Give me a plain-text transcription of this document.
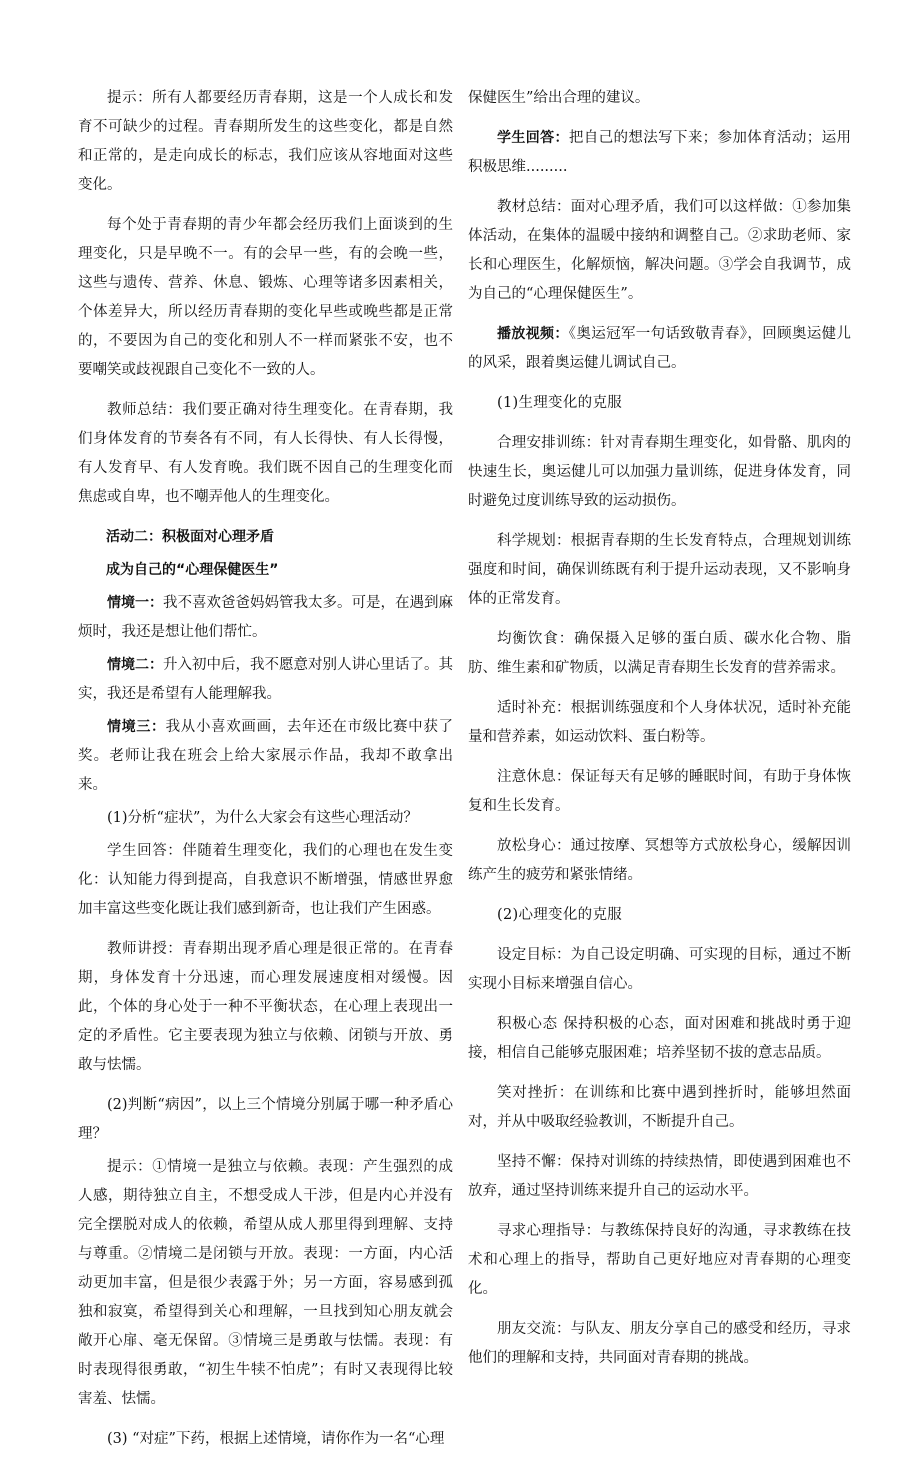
提示：所有人都要经历青春期，这是一个人成长和发育不可缺少的过程。青春期所发生的这些变化，都是自然和正常的，是走向成长的标志，我们应该从容地面对这些变化。

每个处于青春期的青少年都会经历我们上面谈到的生理变化，只是早晚不一。有的会早一些，有的会晚一些，这些与遗传、营养、休息、锻炼、心理等诸多因素相关，个体差异大，所以经历青春期的变化早些或晚些都是正常的，不要因为自己的变化和别人不一样而紧张不安，也不要嘲笑或歧视跟自己变化不一致的人。

教师总结：我们要正确对待生理变化。在青春期，我们身体发育的节奏各有不同，有人长得快、有人长得慢，有人发育早、有人发育晚。我们既不因自己的生理变化而焦虑或自卑，也不嘲弄他人的生理变化。

活动二：积极面对心理矛盾

成为自己的“心理保健医生”

情境一：我不喜欢爸爸妈妈管我太多。可是，在遇到麻烦时，我还是想让他们帮忙。

情境二：升入初中后，我不愿意对别人讲心里话了。其实，我还是希望有人能理解我。

情境三：我从小喜欢画画，去年还在市级比赛中获了奖。老师让我在班会上给大家展示作品，我却不敢拿出来。

(1)分析“症状”，为什么大家会有这些心理活动？

学生回答：伴随着生理变化，我们的心理也在发生变化：认知能力得到提高，自我意识不断增强，情感世界愈加丰富这些变化既让我们感到新奇，也让我们产生困惑。

教师讲授：青春期出现矛盾心理是很正常的。在青春期，身体发育十分迅速，而心理发展速度相对缓慢。因此，个体的身心处于一种不平衡状态，在心理上表现出一定的矛盾性。它主要表现为独立与依赖、闭锁与开放、勇敢与怯懦。

(2)判断“病因”，以上三个情境分别属于哪一种矛盾心理？

提示：①情境一是独立与依赖。表现：产生强烈的成人感，期待独立自主，不想受成人干涉，但是内心并没有完全摆脱对成人的依赖，希望从成人那里得到理解、支持与尊重。②情境二是闭锁与开放。表现：一方面，内心活动更加丰富，但是很少表露于外；另一方面，容易感到孤独和寂寞，希望得到关心和理解，一旦找到知心朋友就会敞开心扉、毫无保留。③情境三是勇敢与怯懦。表现：有时表现得很勇敢，“初生牛犊不怕虎”；有时又表现得比较害羞、怯懦。

(3) “对症”下药，根据上述情境，请你作为一名“心理

保健医生”给出合理的建议。

学生回答：把自己的想法写下来；参加体育活动；运用积极思维.........

教材总结：面对心理矛盾，我们可以这样做：①参加集体活动，在集体的温暖中接纳和调整自己。②求助老师、家长和心理医生，化解烦恼，解决问题。③学会自我调节，成为自己的“心理保健医生”。

播放视频：《奥运冠军一句话致敬青春》，回顾奥运健儿的风采，跟着奥运健儿调试自己。

(1)生理变化的克服

合理安排训练：针对青春期生理变化，如骨骼、肌肉的快速生长，奥运健儿可以加强力量训练，促进身体发育，同时避免过度训练导致的运动损伤。

科学规划：根据青春期的生长发育特点，合理规划训练强度和时间，确保训练既有利于提升运动表现，又不影响身体的正常发育。

均衡饮食：确保摄入足够的蛋白质、碳水化合物、脂肪、维生素和矿物质，以满足青春期生长发育的营养需求。

适时补充：根据训练强度和个人身体状况，适时补充能量和营养素，如运动饮料、蛋白粉等。

注意休息：保证每天有足够的睡眠时间，有助于身体恢复和生长发育。

放松身心：通过按摩、冥想等方式放松身心，缓解因训练产生的疲劳和紧张情绪。

(2)心理变化的克服

设定目标：为自己设定明确、可实现的目标，通过不断实现小目标来增强自信心。

积极心态 保持积极的心态，面对困难和挑战时勇于迎接，相信自己能够克服困难；培养坚韧不拔的意志品质。

笑对挫折：在训练和比赛中遇到挫折时，能够坦然面对，并从中吸取经验教训，不断提升自己。

坚持不懈：保持对训练的持续热情，即使遇到困难也不放弃，通过坚持训练来提升自己的运动水平。

寻求心理指导：与教练保持良好的沟通，寻求教练在技术和心理上的指导，帮助自己更好地应对青春期的心理变化。

朋友交流：与队友、朋友分享自己的感受和经历，寻求他们的理解和支持，共同面对青春期的挑战。
